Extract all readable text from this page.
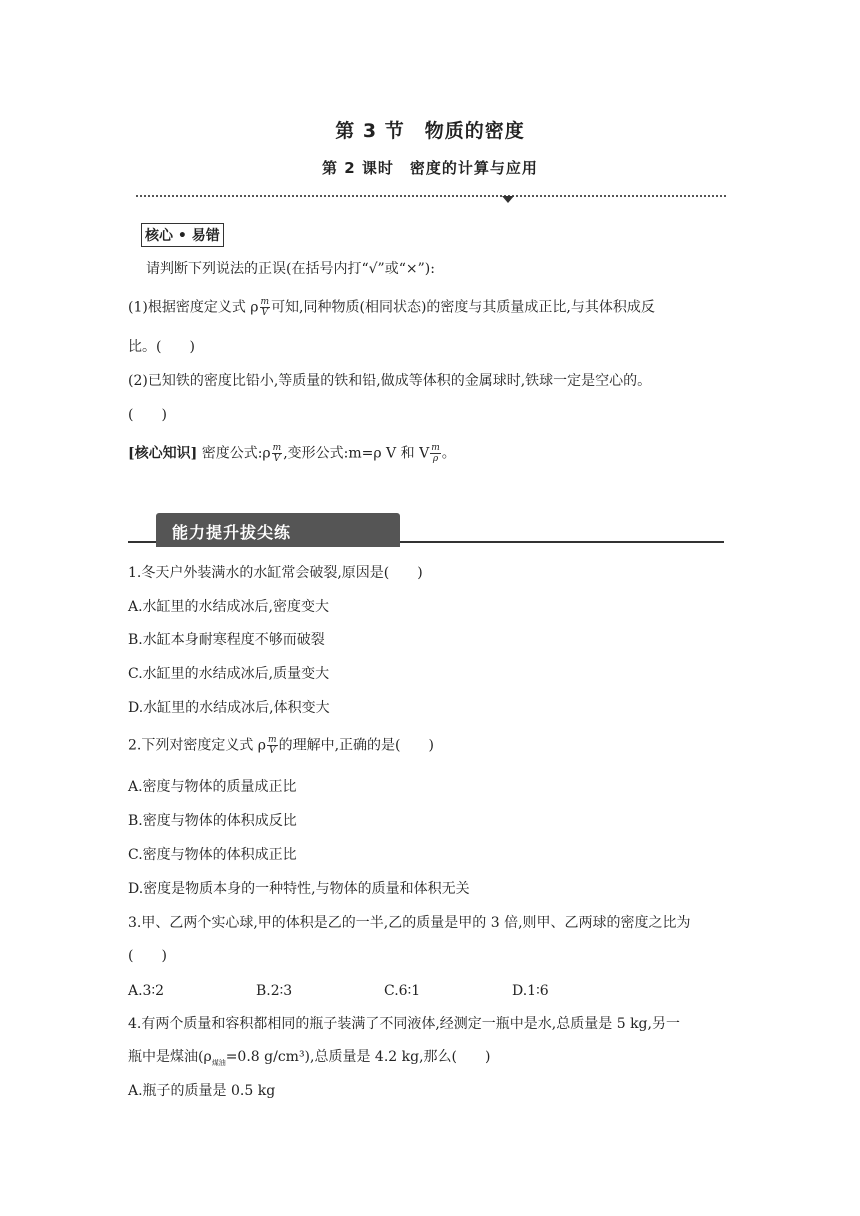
第 3 节　物质的密度
第 2 课时　密度的计算与应用
核心 • 易错
请判断下列说法的正误(在括号内打“√”或“×”):
(1)根据密度定义式 ρ $\frac{m}{V}$ 可知,同种物质(相同状态)的密度与其质量成正比,与其体积成反
比。(　　)
(2)已知铁的密度比铅小,等质量的铁和铅,做成等体积的金属球时,铁球一定是空心的。
(　　)
[核心知识] 密度公式:ρ $\frac{m}{V}$ ,变形公式:m=ρ V 和 V $\frac{m}{\rho}$ 。
能力提升拔尖练
1.冬天户外装满水的水缸常会破裂,原因是(　　)
A.水缸里的水结成冰后,密度变大
B.水缸本身耐寒程度不够而破裂
C.水缸里的水结成冰后,质量变大
D.水缸里的水结成冰后,体积变大
2.下列对密度定义式 ρ $\frac{m}{V}$ 的理解中,正确的是(　　)
A.密度与物体的质量成正比
B.密度与物体的体积成反比
C.密度与物体的体积成正比
D.密度是物质本身的一种特性,与物体的质量和体积无关
3.甲、乙两个实心球,甲的体积是乙的一半,乙的质量是甲的 3 倍,则甲、乙两球的密度之比为
(　　)
A.3∶2	B.2∶3	C.6∶1	D.1∶6
4.有两个质量和容积都相同的瓶子装满了不同液体,经测定一瓶中是水,总质量是 5 kg,另一
瓶中是煤油($\rho_{煤油}=0.8$ g/cm³),总质量是 4.2 kg,那么(　　)
A.瓶子的质量是 0.5 kg
